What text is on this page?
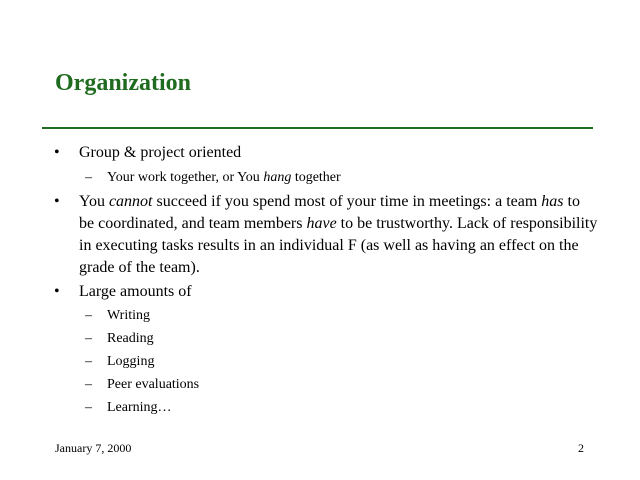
Organization
• Group & project oriented
– Your work together, or You hang together
• You cannot succeed if you spend most of your time in meetings: a team has to be coordinated, and team members have to be trustworthy. Lack of responsibility in executing tasks results in an individual F (as well as having an effect on the grade of the team).
• Large amounts of
– Writing
– Reading
– Logging
– Peer evaluations
– Learning…
January 7, 2000	2
